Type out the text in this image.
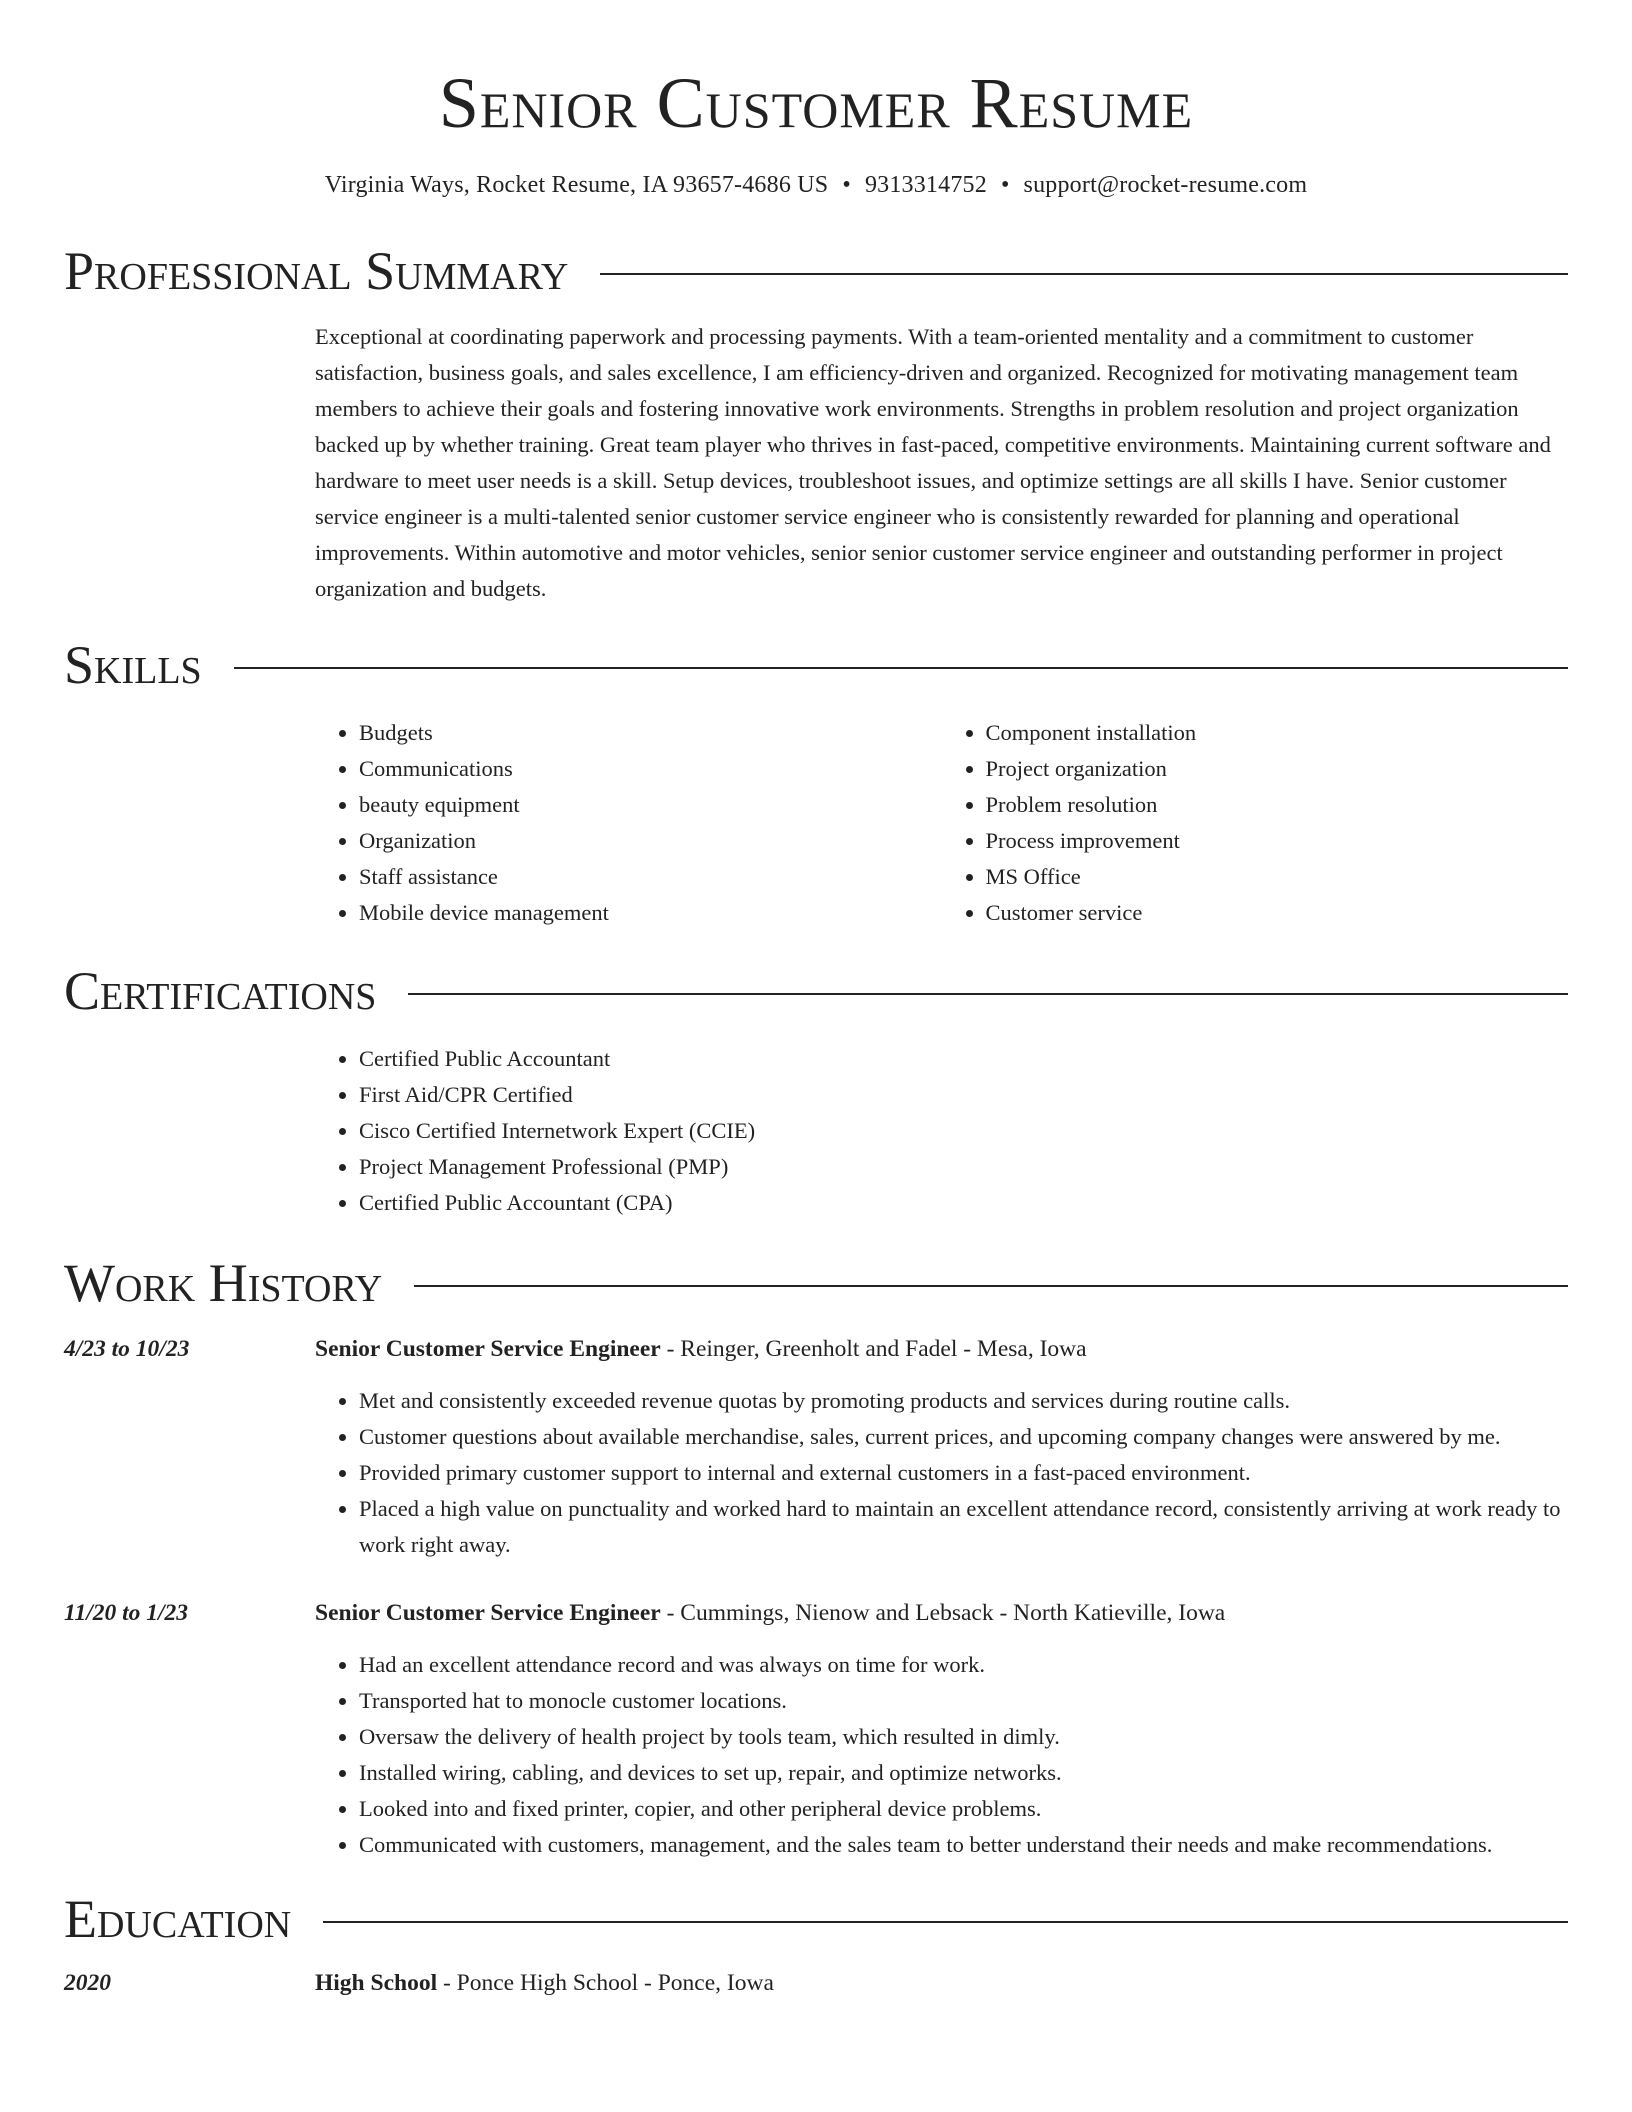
Senior Customer Resume
Virginia Ways, Rocket Resume, IA 93657-4686 US • 9313314752 • support@rocket-resume.com
Professional Summary
Exceptional at coordinating paperwork and processing payments. With a team-oriented mentality and a commitment to customer satisfaction, business goals, and sales excellence, I am efficiency-driven and organized. Recognized for motivating management team members to achieve their goals and fostering innovative work environments. Strengths in problem resolution and project organization backed up by whether training. Great team player who thrives in fast-paced, competitive environments. Maintaining current software and hardware to meet user needs is a skill. Setup devices, troubleshoot issues, and optimize settings are all skills I have. Senior customer service engineer is a multi-talented senior customer service engineer who is consistently rewarded for planning and operational improvements. Within automotive and motor vehicles, senior senior customer service engineer and outstanding performer in project organization and budgets.
Skills
• Budgets
• Communications
• beauty equipment
• Organization
• Staff assistance
• Mobile device management
• Component installation
• Project organization
• Problem resolution
• Process improvement
• MS Office
• Customer service
Certifications
• Certified Public Accountant
• First Aid/CPR Certified
• Cisco Certified Internetwork Expert (CCIE)
• Project Management Professional (PMP)
• Certified Public Accountant (CPA)
Work History
4/23 to 10/23	Senior Customer Service Engineer - Reinger, Greenholt and Fadel - Mesa, Iowa
• Met and consistently exceeded revenue quotas by promoting products and services during routine calls.
• Customer questions about available merchandise, sales, current prices, and upcoming company changes were answered by me.
• Provided primary customer support to internal and external customers in a fast-paced environment.
• Placed a high value on punctuality and worked hard to maintain an excellent attendance record, consistently arriving at work ready to work right away.
11/20 to 1/23	Senior Customer Service Engineer - Cummings, Nienow and Lebsack - North Katieville, Iowa
• Had an excellent attendance record and was always on time for work.
• Transported hat to monocle customer locations.
• Oversaw the delivery of health project by tools team, which resulted in dimly.
• Installed wiring, cabling, and devices to set up, repair, and optimize networks.
• Looked into and fixed printer, copier, and other peripheral device problems.
• Communicated with customers, management, and the sales team to better understand their needs and make recommendations.
Education
2020	High School - Ponce High School - Ponce, Iowa
